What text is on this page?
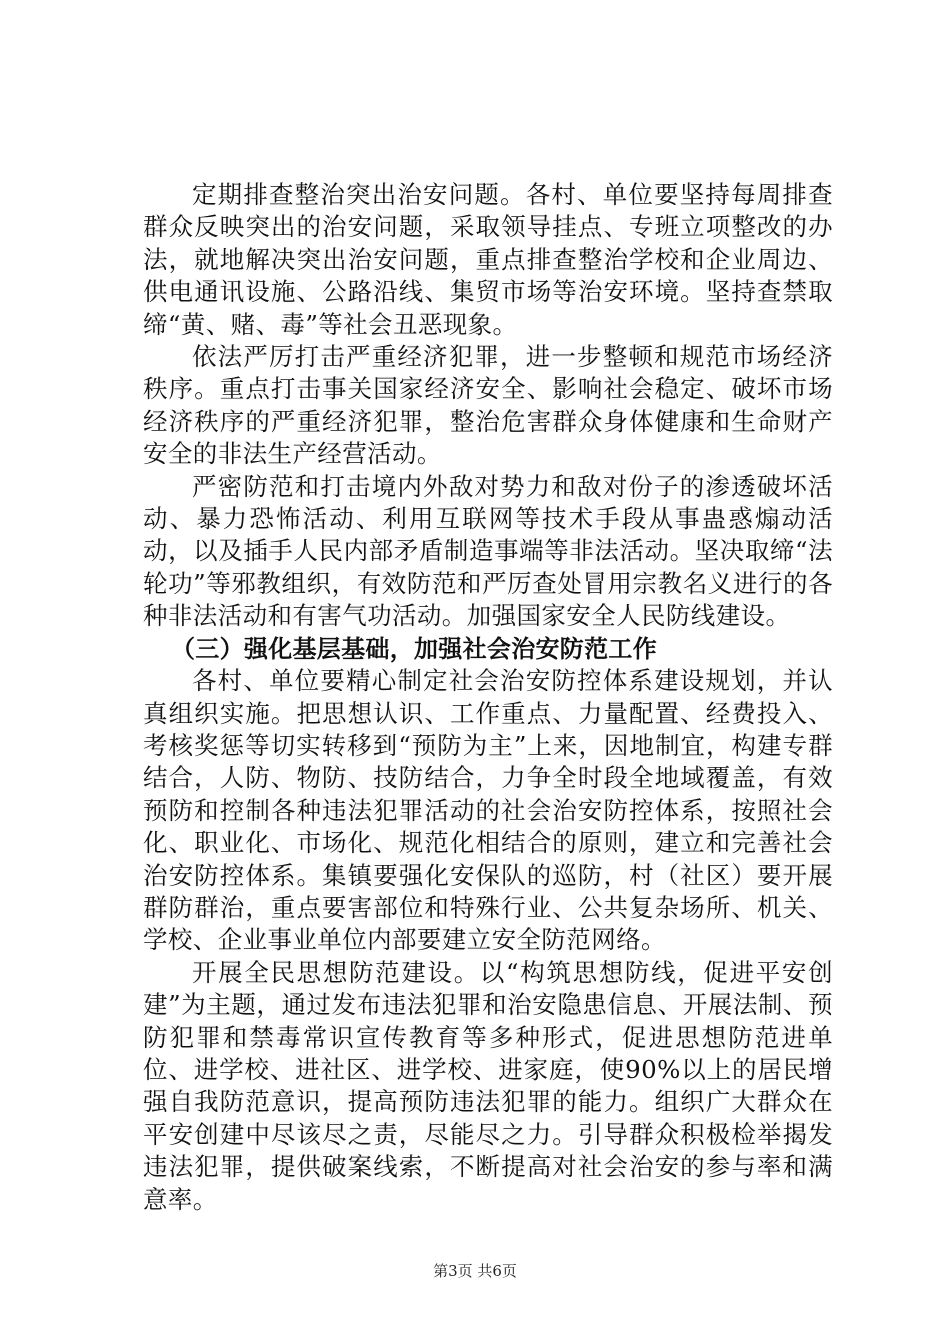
定期排查整治突出治安问题。各村、单位要坚持每周排查群众反映突出的治安问题，采取领导挂点、专班立项整改的办法，就地解决突出治安问题，重点排查整治学校和企业周边、供电通讯设施、公路沿线、集贸市场等治安环境。坚持查禁取缔“黄、赌、毒”等社会丑恶现象。

依法严厉打击严重经济犯罪，进一步整顿和规范市场经济秩序。重点打击事关国家经济安全、影响社会稳定、破坏市场经济秩序的严重经济犯罪，整治危害群众身体健康和生命财产安全的非法生产经营活动。

严密防范和打击境内外敌对势力和敌对份子的渗透破坏活动、暴力恐怖活动、利用互联网等技术手段从事蛊惑煽动活动，以及插手人民内部矛盾制造事端等非法活动。坚决取缔“法轮功”等邪教组织，有效防范和严厉查处冒用宗教名义进行的各种非法活动和有害气功活动。加强国家安全人民防线建设。

（三）强化基层基础，加强社会治安防范工作

各村、单位要精心制定社会治安防控体系建设规划，并认真组织实施。把思想认识、工作重点、力量配置、经费投入、考核奖惩等切实转移到“预防为主”上来，因地制宜，构建专群结合，人防、物防、技防结合，力争全时段全地域覆盖，有效预防和控制各种违法犯罪活动的社会治安防控体系，按照社会化、职业化、市场化、规范化相结合的原则，建立和完善社会治安防控体系。集镇要强化安保队的巡防，村（社区）要开展群防群治，重点要害部位和特殊行业、公共复杂场所、机关、学校、企业事业单位内部要建立安全防范网络。

开展全民思想防范建设。以“构筑思想防线，促进平安创建”为主题，通过发布违法犯罪和治安隐患信息、开展法制、预防犯罪和禁毒常识宣传教育等多种形式，促进思想防范进单位、进学校、进社区、进学校、进家庭，使90%以上的居民增强自我防范意识，提高预防违法犯罪的能力。组织广大群众在平安创建中尽该尽之责，尽能尽之力。引导群众积极检举揭发违法犯罪，提供破案线索，不断提高对社会治安的参与率和满意率。

第3页 共6页
